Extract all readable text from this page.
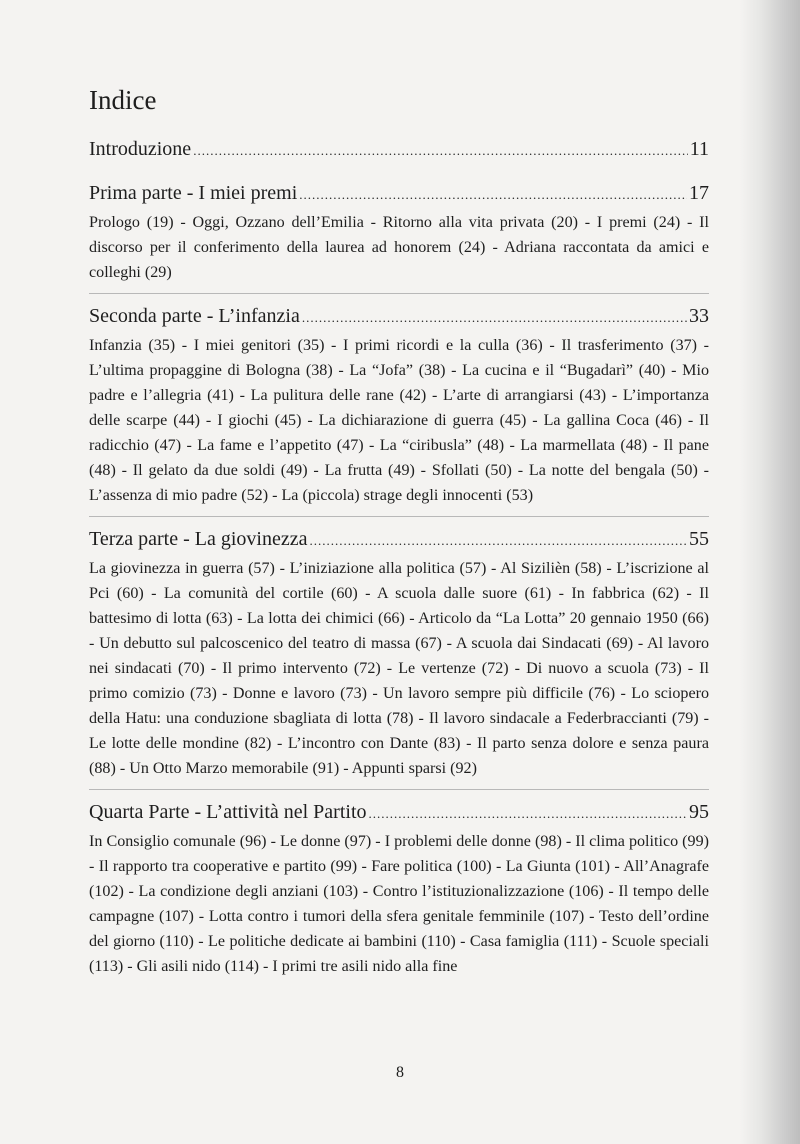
Indice
Introduzione .....	11
Prima parte - I miei premi .....	17

Prologo (19) - Oggi, Ozzano dell’Emilia - Ritorno alla vita privata (20) - I premi (24) - Il discorso per il conferimento della laurea ad honorem (24) - Adriana raccontata da amici e colleghi (29)

Seconda parte - L’infanzia .....	33

Infanzia (35) - I miei genitori (35) - I primi ricordi e la culla (36) - Il trasferimento (37) - L’ultima propaggine di Bologna (38) - La “Jofa” (38) - La cucina e il “Bugadarì” (40) - Mio padre e l’allegria (41) - La pulitura delle rane (42) - L’arte di arrangiarsi (43) - L’importanza delle scarpe (44) - I giochi (45) - La dichiarazione di guerra (45) - La gallina Coca (46) - Il radicchio (47) - La fame e l’appetito (47) - La “ciribusla” (48) - La marmellata (48) - Il pane (48) - Il gelato da due soldi (49) - La frutta (49) - Sfollati (50) - La notte del bengala (50) - L’assenza di mio padre (52) - La (piccola) strage degli innocenti (53)

Terza parte - La giovinezza .....	55

La giovinezza in guerra (57) - L’iniziazione alla politica (57) - Al Sizilièn (58) - L’iscrizione al Pci (60) - La comunità del cortile (60) - A scuola dalle suore (61) - In fabbrica (62) - Il battesimo di lotta (63) - La lotta dei chimici (66) - Articolo da “La Lotta” 20 gennaio 1950 (66) - Un debutto sul palcoscenico del teatro di massa (67) - A scuola dai Sindacati (69) - Al lavoro nei sindacati (70) - Il primo intervento (72) - Le vertenze (72) - Di nuovo a scuola (73) - Il primo comizio (73) - Donne e lavoro (73) - Un lavoro sempre più difficile (76) - Lo sciopero della Hatu: una conduzione sbagliata di lotta (78) - Il lavoro sindacale a Federbraccianti (79) - Le lotte delle mondine (82) - L’incontro con Dante (83) - Il parto senza dolore e senza paura (88) - Un Otto Marzo memorabile (91) - Appunti sparsi (92)

Quarta Parte - L’attività nel Partito .....	95

In Consiglio comunale (96) - Le donne (97) - I problemi delle donne (98) - Il clima politico (99) - Il rapporto tra cooperative e partito (99) - Fare politica (100) - La Giunta (101) - All’Anagrafe (102) - La condizione degli anziani (103) - Contro l’istituzionalizzazione (106) - Il tempo delle campagne (107) - Lotta contro i tumori della sfera genitale femminile (107) - Testo dell’ordine del giorno (110) - Le politiche dedicate ai bambini (110) - Casa famiglia (111) - Scuole speciali (113) - Gli asili nido (114) - I primi tre asili nido alla fine

8
